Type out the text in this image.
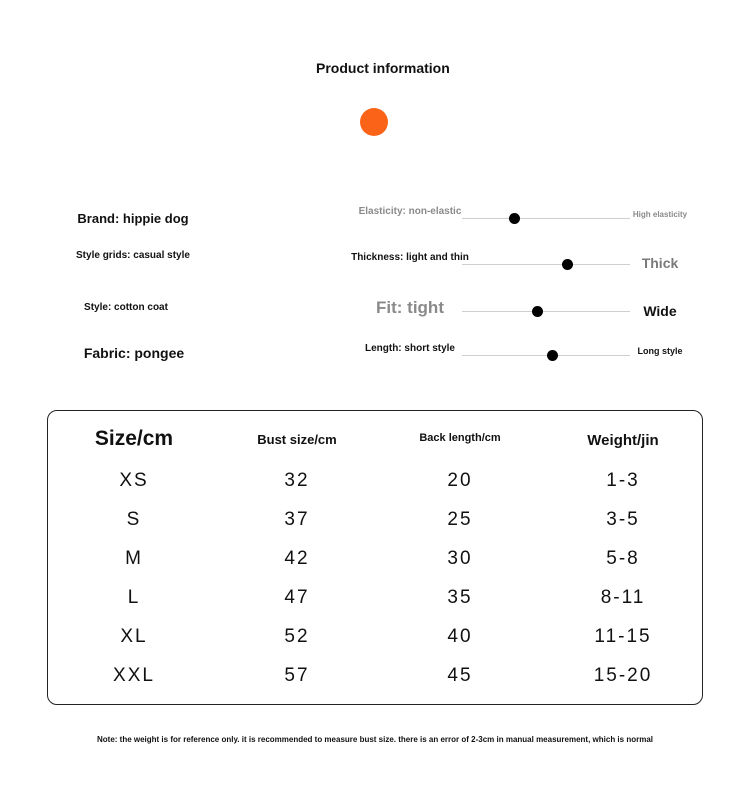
Product information
Brand: hippie dog
Style grids: casual style
Style: cotton coat
Fabric: pongee
Elasticity: non-elastic	High elasticity
Thickness: light and thin	Thick
Fit: tight	Wide
Length: short style	Long style
Size/cm	Bust size/cm	Back length/cm	Weight/jin
XS	32	20	1-3
S	37	25	3-5
M	42	30	5-8
L	47	35	8-11
XL	52	40	11-15
XXL	57	45	15-20
Note: the weight is for reference only. it is recommended to measure bust size. there is an error of 2-3cm in manual measurement, which is normal
